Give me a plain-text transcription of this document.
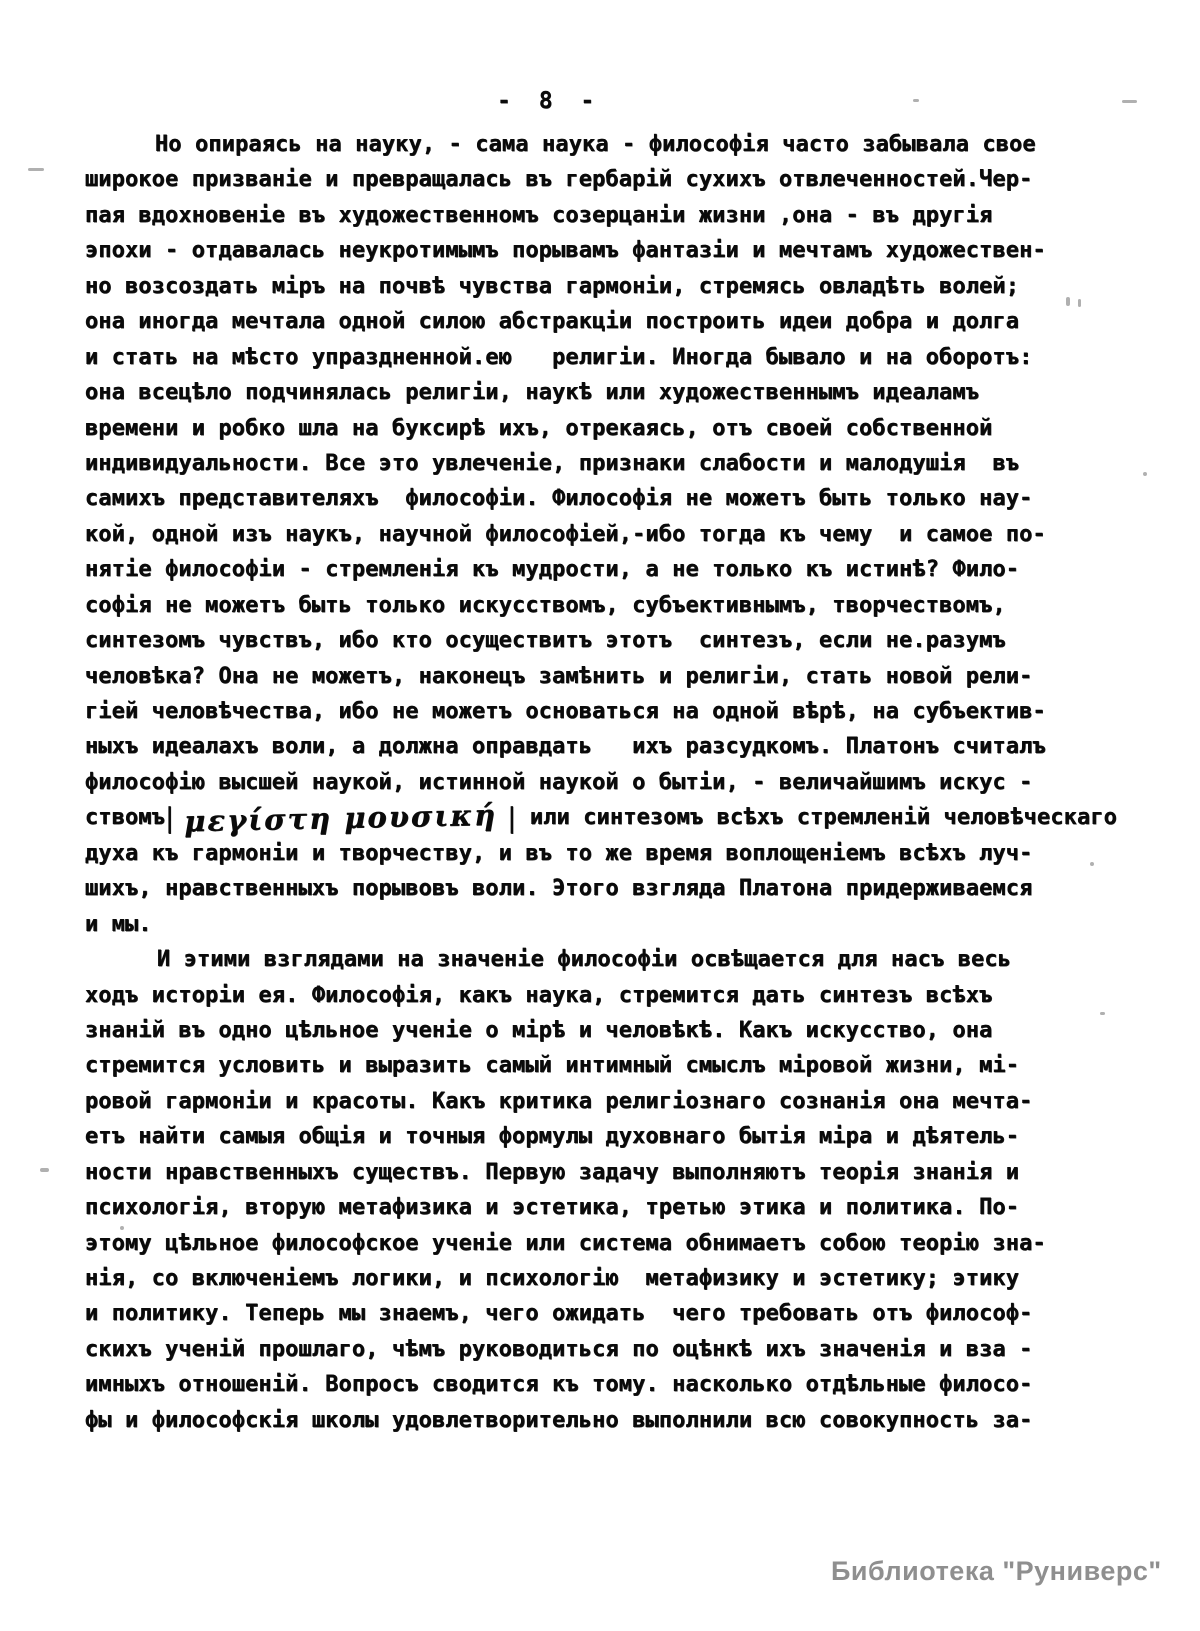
- 8 -
Но опираясь на науку, - сама наука - философія часто забывала свое
широкое призваніе и превращалась въ гербарій сухихъ отвлеченностей.Чер-
пая вдохновеніе въ художественномъ созерцаніи жизни ,она - въ другія
эпохи - отдавалась неукротимымъ порывамъ фантазіи и мечтамъ художествен-
но возсоздать міръ на почвѣ чувства гармоніи, стремясь овладѣть волей;
она иногда мечтала одной силою абстракціи построить идеи добра и долга
и стать на мѣсто упраздненной.ею   религіи. Иногда бывало и на оборотъ:
она всецѣло подчинялась религіи, наукѣ или художественнымъ идеаламъ
времени и робко шла на буксирѣ ихъ, отрекаясь, отъ своей собственной
индивидуальности. Все это увлеченіе, признаки слабости и малодушія  въ
самихъ представителяхъ  философіи. Философія не можетъ быть только нау-
кой, одной изъ наукъ, научной философіей,-ибо тогда къ чему  и самое по-
нятіе философіи - стремленія къ мудрости, а не только къ истинѣ? Фило-
софія не можетъ быть только искусствомъ, субъективнымъ, творчествомъ,
синтезомъ чувствъ, ибо кто осуществитъ этотъ  синтезъ, если не.разумъ
человѣка? Она не можетъ, наконецъ замѣнить и религіи, стать новой рели-
гіей человѣчества, ибо не можетъ основаться на одной вѣрѣ, на субъектив-
ныхъ идеалахъ воли, а должна оправдать   ихъ разсудкомъ. Платонъ считалъ
философію высшей наукой, истинной наукой о бытіи, - величайшимъ искус -
ствомъ| μεγίστη μουσική | или синтезомъ всѣхъ стремленій человѣческаго
духа къ гармоніи и творчеству, и въ то же время воплощеніемъ всѣхъ луч-
шихъ, нравственныхъ порывовъ воли. Этого взгляда Платона придерживаемся
и мы.
И этими взглядами на значеніе философіи освѣщается для насъ весь
ходъ исторіи ея. Философія, какъ наука, стремится дать синтезъ всѣхъ
знаній въ одно цѣльное ученіе о мірѣ и человѣкѣ. Какъ искусство, она
стремится условить и выразить самый интимный смыслъ міровой жизни, мі-
ровой гармоніи и красоты. Какъ критика религіознаго сознанія она мечта-
етъ найти самыя общія и точныя формулы духовнаго бытія міра и дѣятель-
ности нравственныхъ существъ. Первую задачу выполняютъ теорія знанія и
психологія, вторую метафизика и эстетика, третью этика и политика. По-
этому цѣльное философское ученіе или система обнимаетъ собою теорію зна-
нія, со включеніемъ логики, и психологію  метафизику и эстетику; этику
и политику. Теперь мы знаемъ, чего ожидать  чего требовать отъ философ-
скихъ ученій прошлаго, чѣмъ руководиться по оцѣнкѣ ихъ значенія и вза -
имныхъ отношеній. Вопросъ сводится къ тому. насколько отдѣльные филосо-
фы и философскія школы удовлетворительно выполнили всю совокупность за-
Библиотека "Руниверс"
